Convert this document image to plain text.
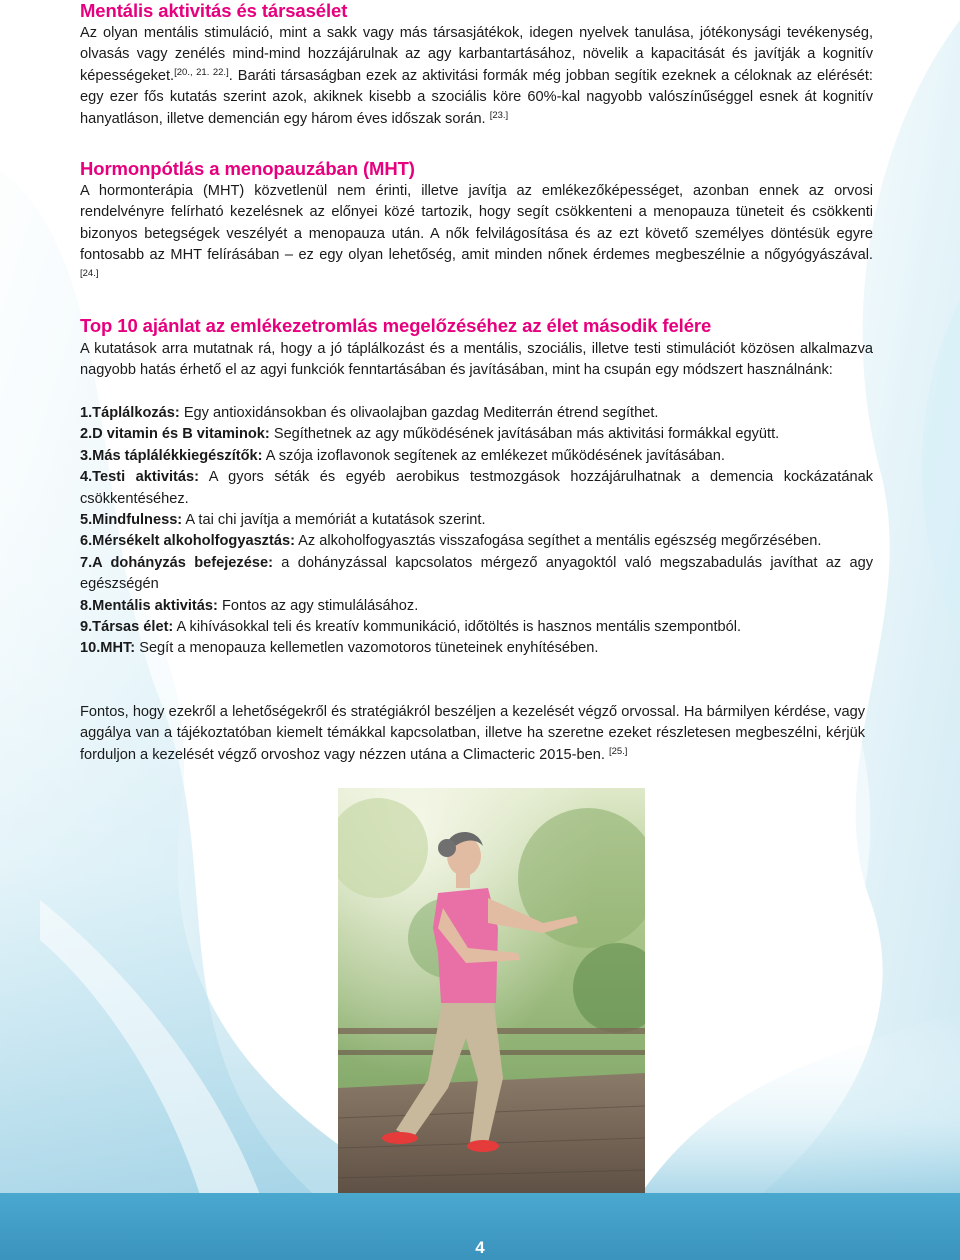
Mentális aktivitás és társasélet

Az olyan mentális stimuláció, mint a sakk vagy más társasjátékok, idegen nyelvek tanulása, jótékonysági tevékenység, olvasás vagy zenélés mind-mind hozzájárulnak az agy karbantartásához, növelik a kapacitását és javítják a kognitív képességeket.[20., 21. 22.]. Baráti társaságban ezek az aktivitási formák még jobban segítik ezeknek a céloknak az elérését: egy ezer fős kutatás szerint azok, akiknek kisebb a szociális köre 60%-kal nagyobb valószínűséggel esnek át kognitív hanyatláson, illetve demencián egy három éves időszak során. [23.]

Hormonpótlás a menopauzában (MHT)

A hormonterápia (MHT) közvetlenül nem érinti, illetve javítja az emlékezőképességet, azonban ennek az orvosi rendelvényre felírható kezelésnek az előnyei közé tartozik, hogy segít csökkenteni a menopauza tüneteit és csökkenti bizonyos betegségek veszélyét a menopauza után. A nők felvilágosítása és az ezt követő személyes döntésük egyre fontosabb az MHT felírásában – ez egy olyan lehetőség, amit minden nőnek érdemes megbeszélnie a nőgyógyászával. [24.]

Top 10 ajánlat az emlékezetromlás megelőzéséhez az élet második felére

A kutatások arra mutatnak rá, hogy a jó táplálkozást és a mentális, szociális, illetve testi stimulációt közösen alkalmazva nagyobb hatás érhető el az agyi funkciók fenntartásában és javításában, mint ha csupán egy módszert használnánk:

1.Táplálkozás: Egy antioxidánsokban és olivaolajban gazdag Mediterrán étrend segíthet.
2.D vitamin és B vitaminok: Segíthetnek az agy működésének javításában más aktivitási formákkal együtt.
3.Más táplálékkiegészítők: A szója izoflavonok segítenek az emlékezet működésének javításában.
4.Testi aktivitás: A gyors séták és egyéb aerobikus testmozgások hozzájárulhatnak a demencia kockázatának csökkentéséhez.
5.Mindfulness: A tai chi javítja a memóriát a kutatások szerint.
6.Mérsékelt alkoholfogyasztás: Az alkoholfogyasztás visszafogása segíthet a mentális egészség megőrzésében.
7.A dohányzás befejezése: a dohányzással kapcsolatos mérgező anyagoktól való megszabadulás javíthat az agy egészségén
8.Mentális aktivitás: Fontos az agy stimulálásához.
9.Társas élet: A kihívásokkal teli és kreatív kommunikáció, időtöltés is hasznos mentális szempontból.
10.MHT: Segít a menopauza kellemetlen vazomotoros tüneteinek enyhítésében.

Fontos, hogy ezekről a lehetőségekről és stratégiákról beszéljen a kezelését végző orvossal. Ha bármilyen kérdése, vagy aggálya van a tájékoztatóban kiemelt témákkal kapcsolatban, illetve ha szeretne ezeket részletesen megbeszélni, kérjük forduljon a kezelését végző orvoshoz vagy nézzen utána a Climacteric 2015-ben. [25.]

4
